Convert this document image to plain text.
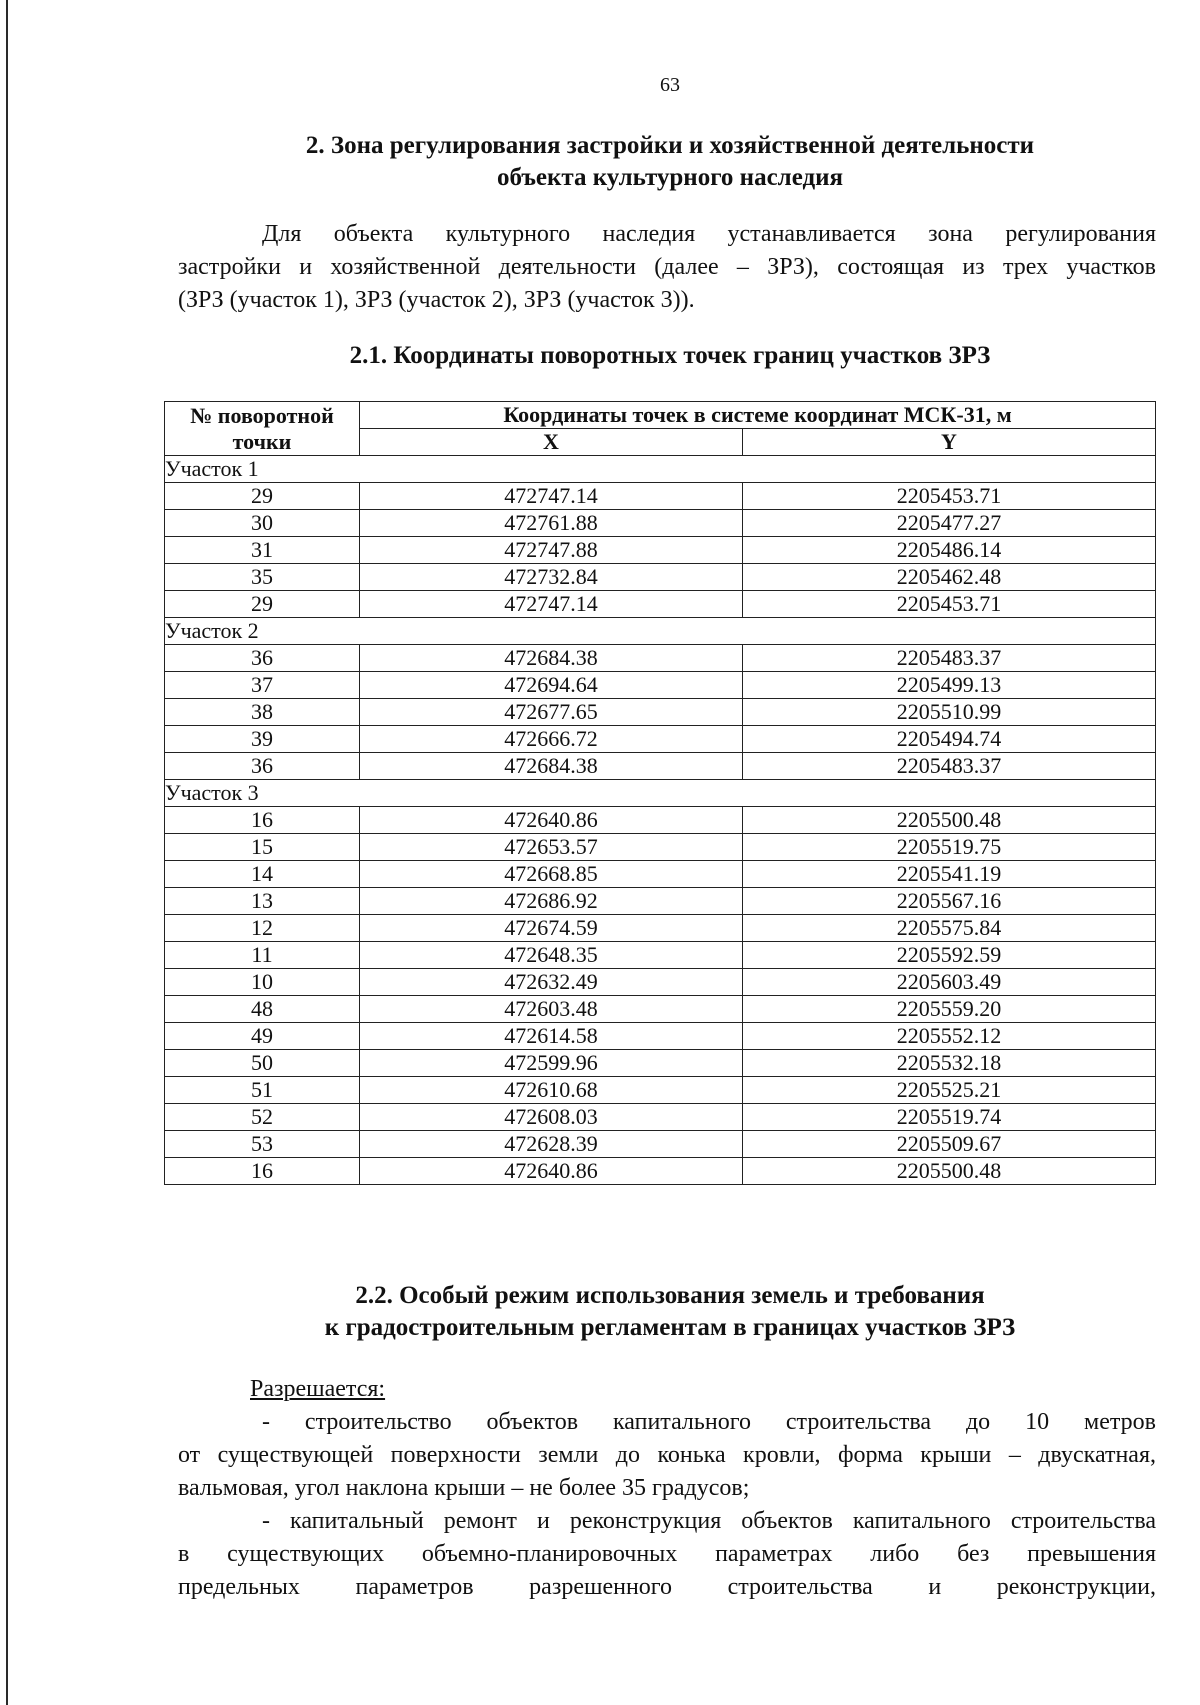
63
2. Зона регулирования застройки и хозяйственной деятельности
объекта культурного наследия
Для объекта культурного наследия устанавливается зона регулирования
застройки и хозяйственной деятельности (далее – ЗРЗ), состоящая из трех участков
(ЗРЗ (участок 1), ЗРЗ (участок 2), ЗРЗ (участок 3)).
2.1. Координаты поворотных точек границ участков ЗРЗ
№ поворотной
точки	Координаты точек в системе координат МСК-31, м	
	X	Y
Участок 1		
29	472747.14	2205453.71
30	472761.88	2205477.27
31	472747.88	2205486.14
35	472732.84	2205462.48
29	472747.14	2205453.71
Участок 2		
36	472684.38	2205483.37
37	472694.64	2205499.13
38	472677.65	2205510.99
39	472666.72	2205494.74
36	472684.38	2205483.37
Участок 3		
16	472640.86	2205500.48
15	472653.57	2205519.75
14	472668.85	2205541.19
13	472686.92	2205567.16
12	472674.59	2205575.84
11	472648.35	2205592.59
10	472632.49	2205603.49
48	472603.48	2205559.20
49	472614.58	2205552.12
50	472599.96	2205532.18
51	472610.68	2205525.21
52	472608.03	2205519.74
53	472628.39	2205509.67
16	472640.86	2205500.48
2.2. Особый режим использования земель и требования
к градостроительным регламентам в границах участков ЗРЗ
Разрешается:
- строительство объектов капитального строительства до 10 метров
от существующей поверхности земли до конька кровли, форма крыши – двускатная,
вальмовая, угол наклона крыши – не более 35 градусов;
- капитальный ремонт и реконструкция объектов капитального строительства
в существующих объемно-планировочных параметрах либо без превышения
предельных параметров разрешенного строительства и реконструкции,
